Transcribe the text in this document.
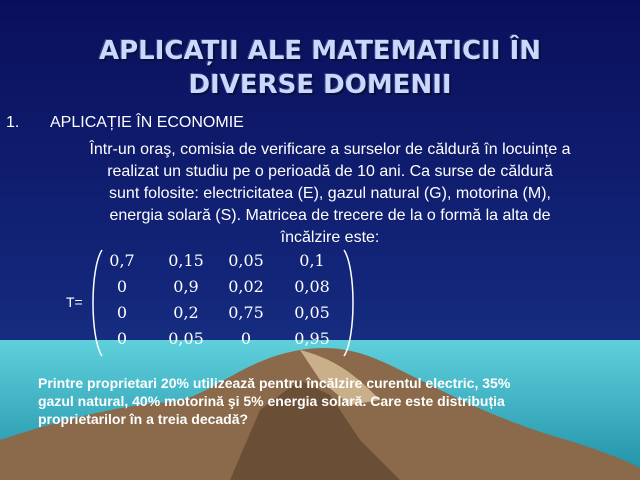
APLICAȚII ALE MATEMATICII ÎN
DIVERSE DOMENII
1. APLICAȚIE ÎN ECONOMIE
Într-un oraş, comisia de verificare a surselor de căldură în locuințe a
realizat un studiu pe o perioadă de 10 ani. Ca surse de căldură
sunt folosite: electricitatea (E), gazul natural (G), motorina (M),
energia solară (S). Matricea de trecere de la o formă la alta de
încălzire este:
T=
0,7 0,15 0,05 0,1
0	0,9 0,02 0,08
0	0,2 0,75 0,05
0	0,05 0	0,95
Printre proprietari 20% utilizează pentru încălzire curentul electric, 35%
gazul natural, 40% motorină şi 5% energia solară. Care este distribuția
proprietarilor în a treia decadă?
